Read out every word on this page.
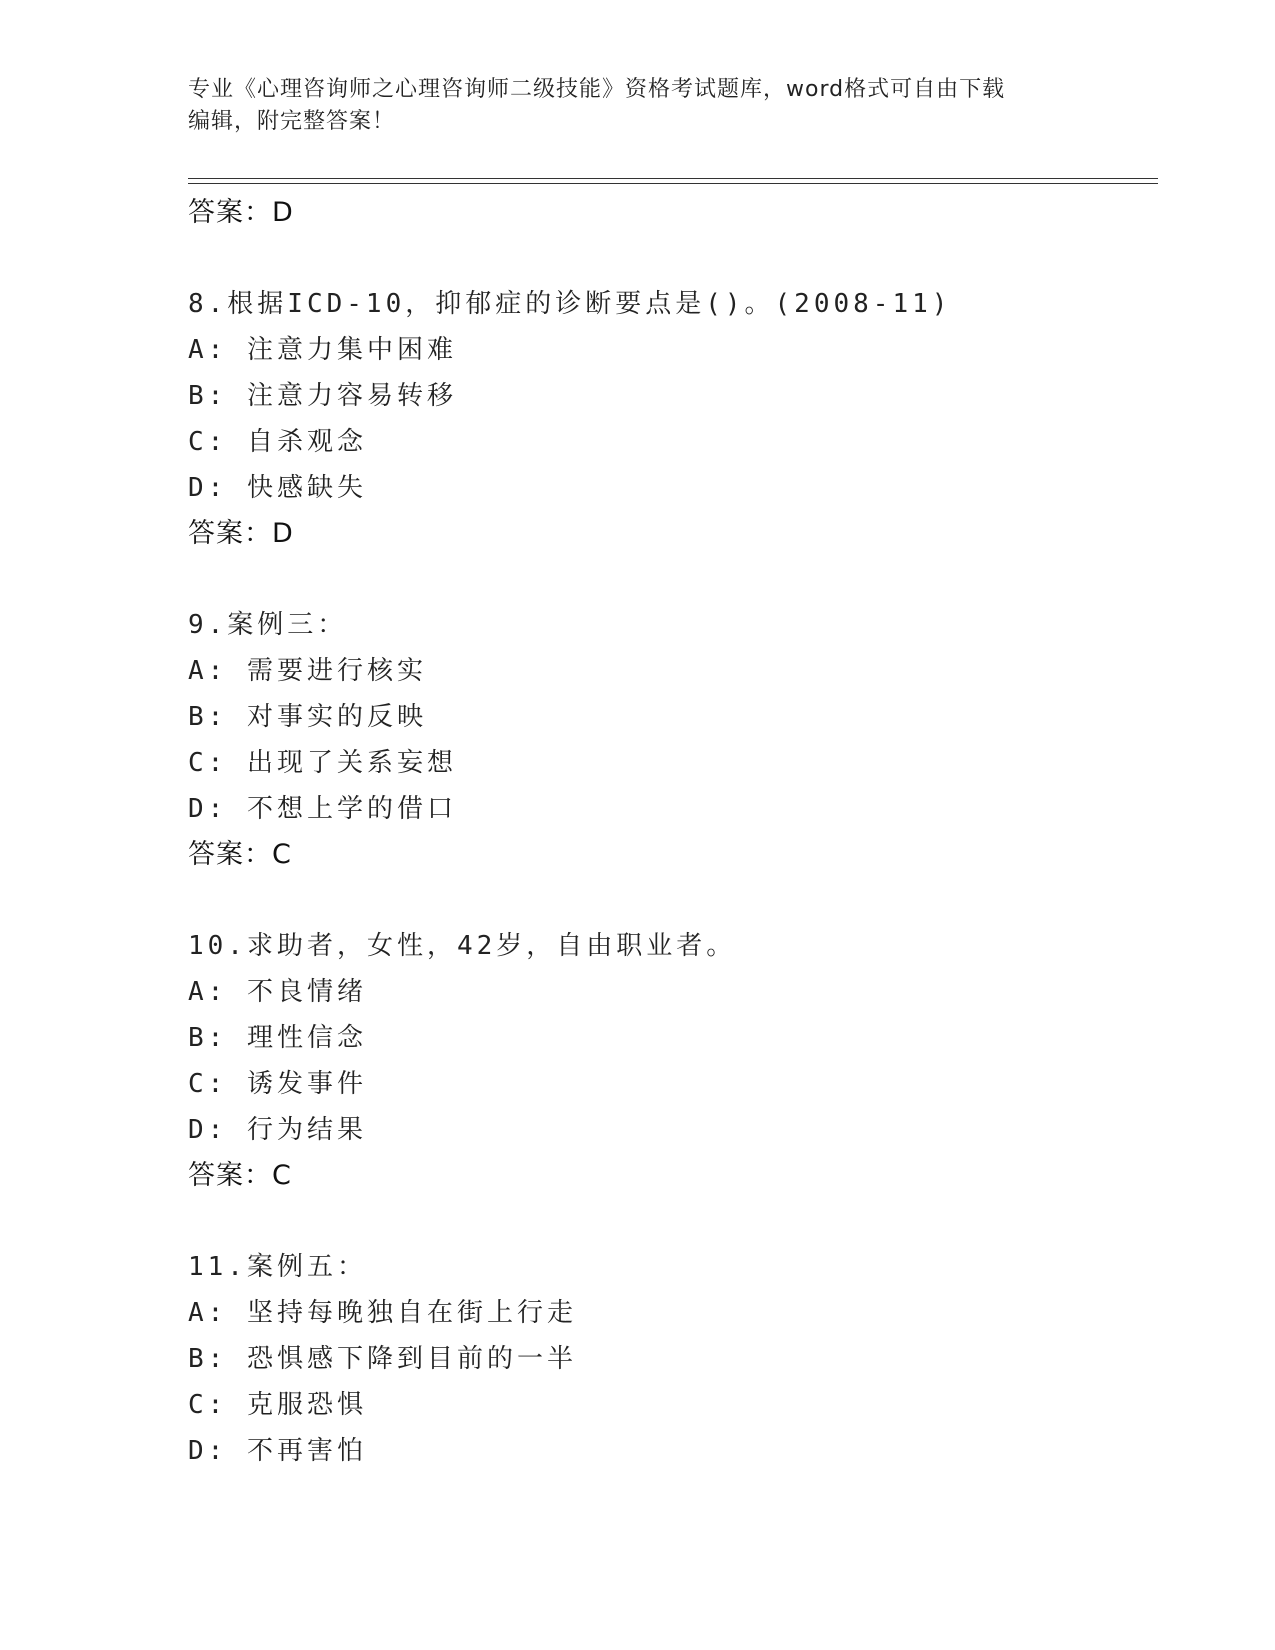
专业《心理咨询师之心理咨询师二级技能》资格考试题库，word格式可自由下载
编辑，附完整答案！
答案：D
8.根据ICD-10，抑郁症的诊断要点是()。(2008-11)
A: 注意力集中困难
B: 注意力容易转移
C: 自杀观念
D: 快感缺失
答案：D
9.案例三：
A: 需要进行核实
B: 对事实的反映
C: 出现了关系妄想
D: 不想上学的借口
答案：C
10.求助者，女性，42岁，自由职业者。
A: 不良情绪
B: 理性信念
C: 诱发事件
D: 行为结果
答案：C
11.案例五：
A: 坚持每晚独自在街上行走
B: 恐惧感下降到目前的一半
C: 克服恐惧
D: 不再害怕
